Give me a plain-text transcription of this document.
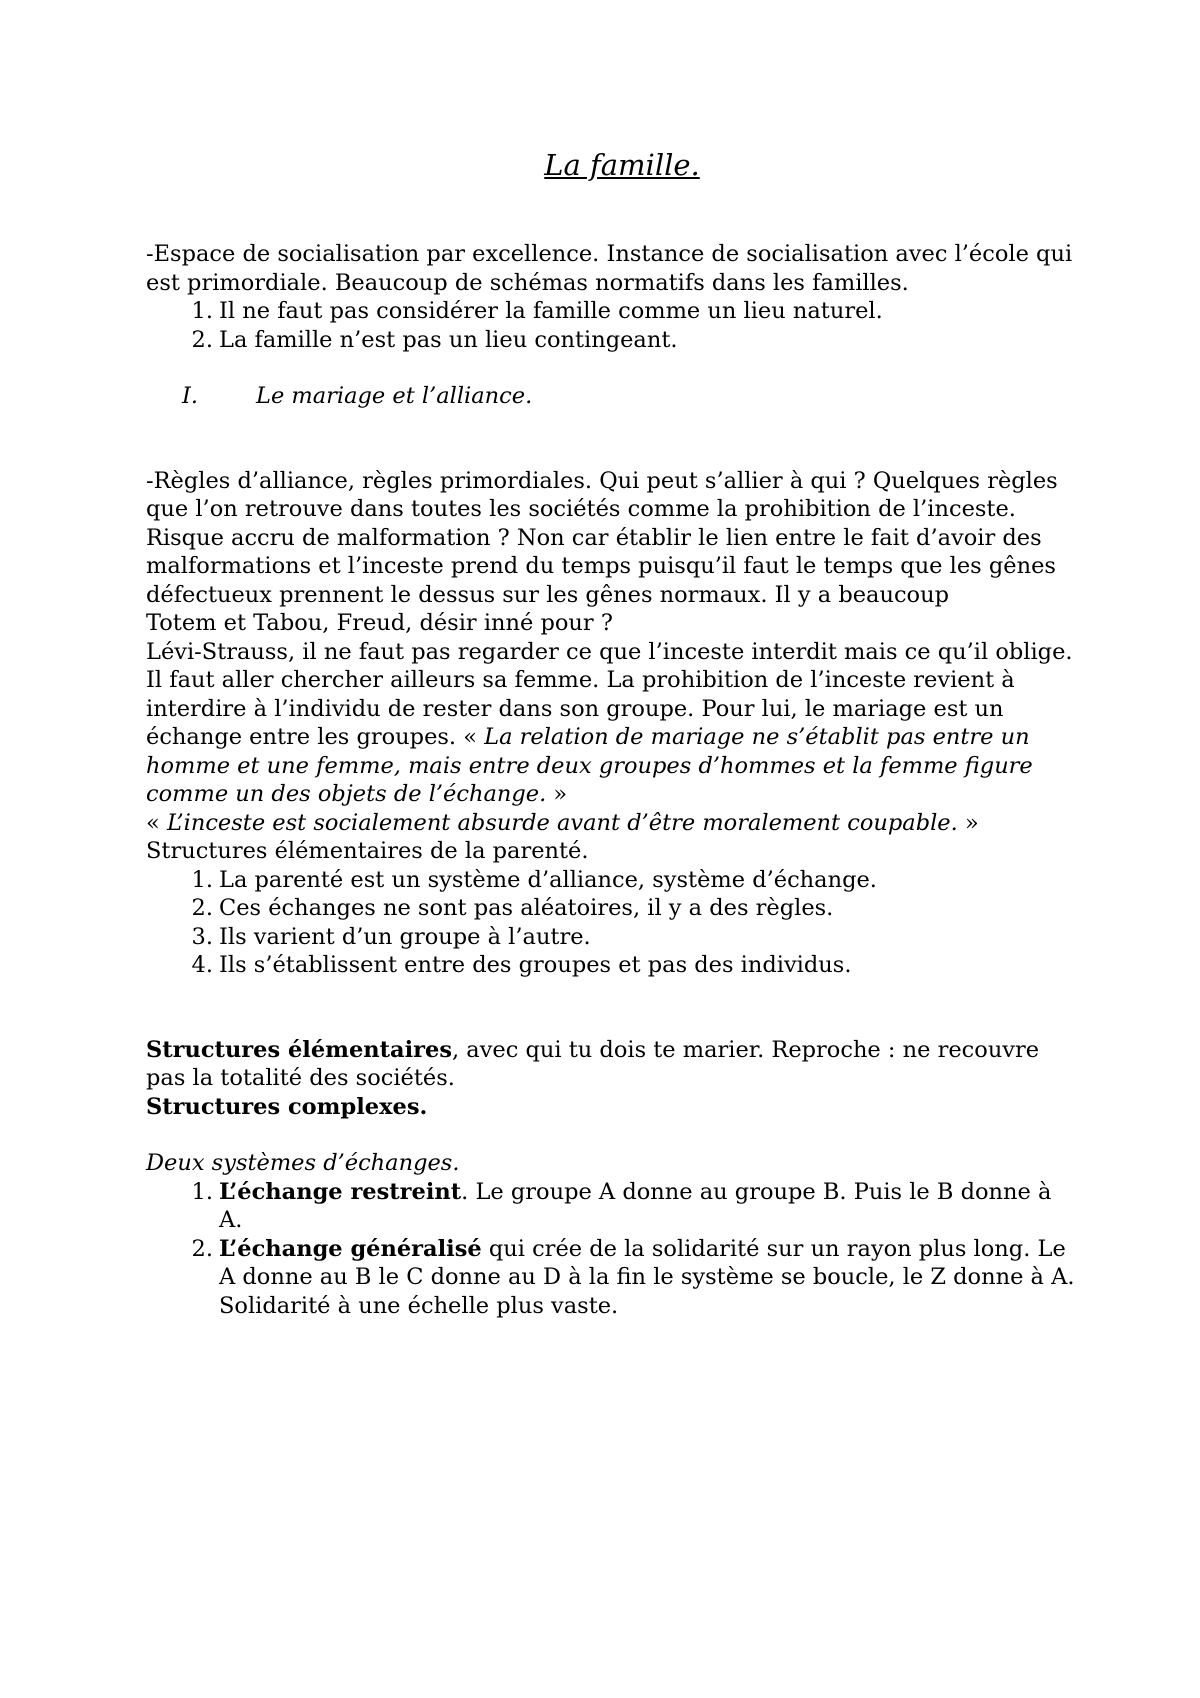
La famille.

-Espace de socialisation par excellence. Instance de socialisation avec l’école qui est primordiale. Beaucoup de schémas normatifs dans les familles.

1. Il ne faut pas considérer la famille comme un lieu naturel.
2. La famille n’est pas un lieu contingeant.
I.	Le mariage et l’alliance.

-Règles d’alliance, règles primordiales. Qui peut s’allier à qui ? Quelques règles que l’on retrouve dans toutes les sociétés comme la prohibition de l’inceste. Risque accru de malformation ? Non car établir le lien entre le fait d’avoir des malformations et l’inceste prend du temps puisqu’il faut le temps que les gênes défectueux prennent le dessus sur les gênes normaux. Il y a beaucoup

Totem et Tabou, Freud, désir inné pour ?

Lévi-Strauss, il ne faut pas regarder ce que l’inceste interdit mais ce qu’il oblige. Il faut aller chercher ailleurs sa femme. La prohibition de l’inceste revient à interdire à l’individu de rester dans son groupe. Pour lui, le mariage est un échange entre les groupes. « La relation de mariage ne s’établit pas entre un homme et une femme, mais entre deux groupes d’hommes et la femme figure comme un des objets de l’échange. »

« L’inceste est socialement absurde avant d’être moralement coupable. »

Structures élémentaires de la parenté.

1. La parenté est un système d’alliance, système d’échange.
2. Ces échanges ne sont pas aléatoires, il y a des règles.
3. Ils varient d’un groupe à l’autre.
4. Ils s’établissent entre des groupes et pas des individus.

Structures élémentaires, avec qui tu dois te marier. Reproche : ne recouvre pas la totalité des sociétés.

Structures complexes.

Deux systèmes d’échanges.

1. L’échange restreint. Le groupe A donne au groupe B. Puis le B donne à A.
2. L’échange généralisé qui crée de la solidarité sur un rayon plus long. Le A donne au B le C donne au D à la fin le système se boucle, le Z donne à A. Solidarité à une échelle plus vaste.
